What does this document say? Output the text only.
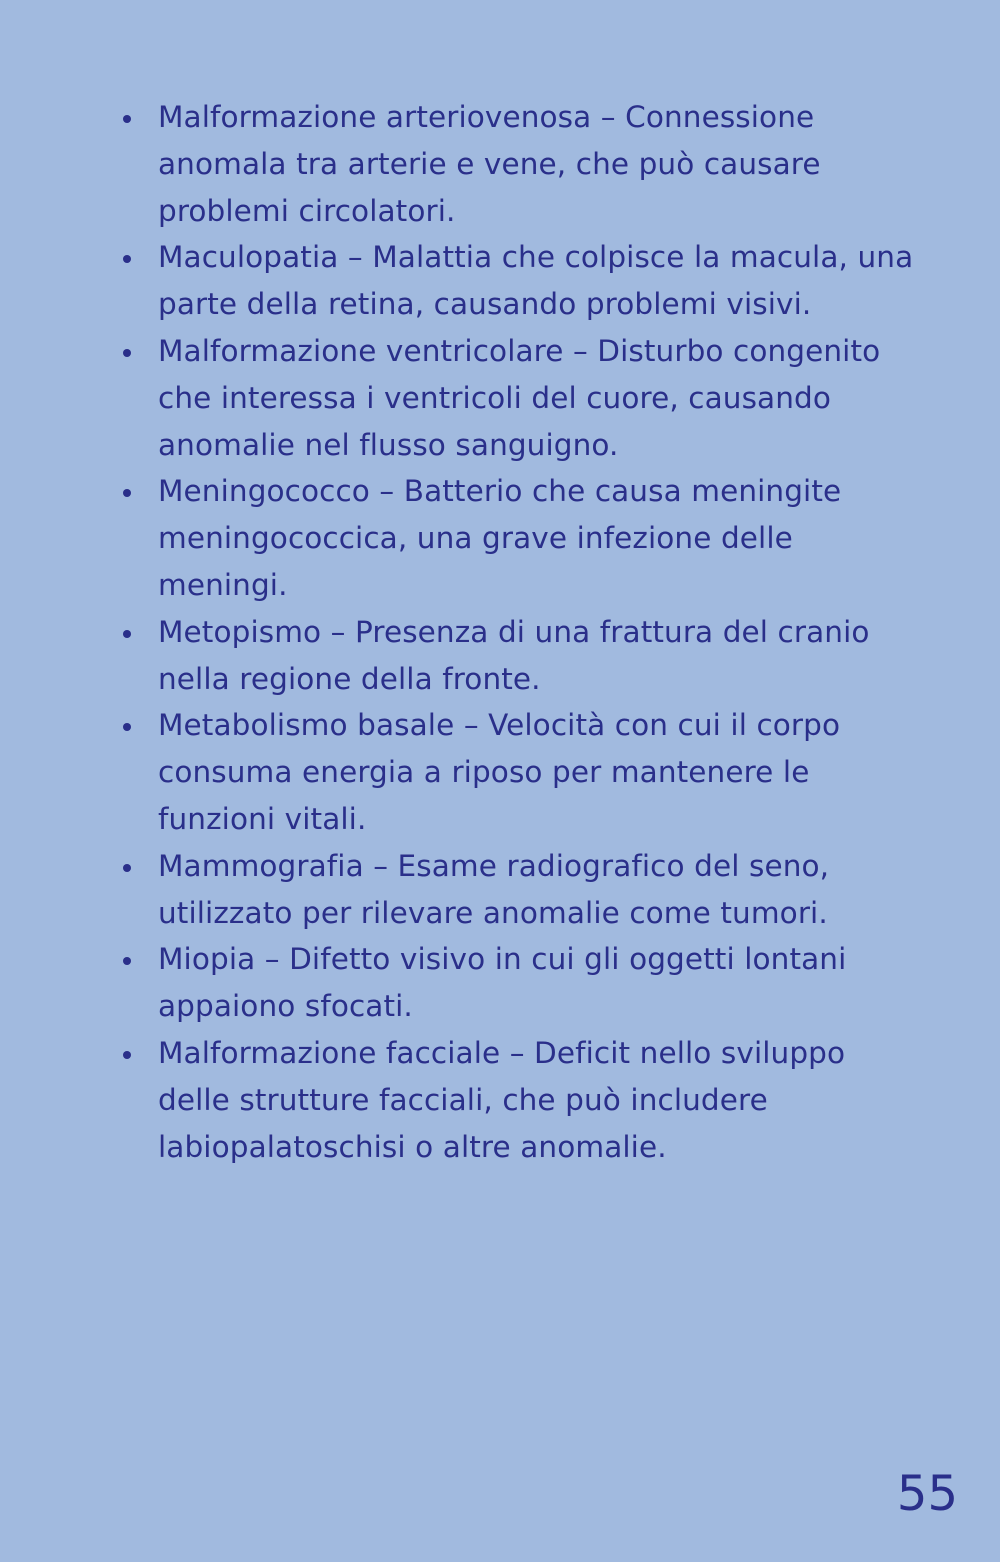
Malformazione arteriovenosa – Connessione anomala tra arterie e vene, che può causare problemi circolatori.
Maculopatia – Malattia che colpisce la macula, una parte della retina, causando problemi visivi.
Malformazione ventricolare – Disturbo congenito che interessa i ventricoli del cuore, causando anomalie nel flusso sanguigno.
Meningococco – Batterio che causa meningite meningococcica, una grave infezione delle meningi.
Metopismo – Presenza di una frattura del cranio nella regione della fronte.
Metabolismo basale – Velocità con cui il corpo consuma energia a riposo per mantenere le funzioni vitali.
Mammografia – Esame radiografico del seno, utilizzato per rilevare anomalie come tumori.
Miopia – Difetto visivo in cui gli oggetti lontani appaiono sfocati.
Malformazione facciale – Deficit nello sviluppo delle strutture facciali, che può includere labiopalatoschisi o altre anomalie.
55
